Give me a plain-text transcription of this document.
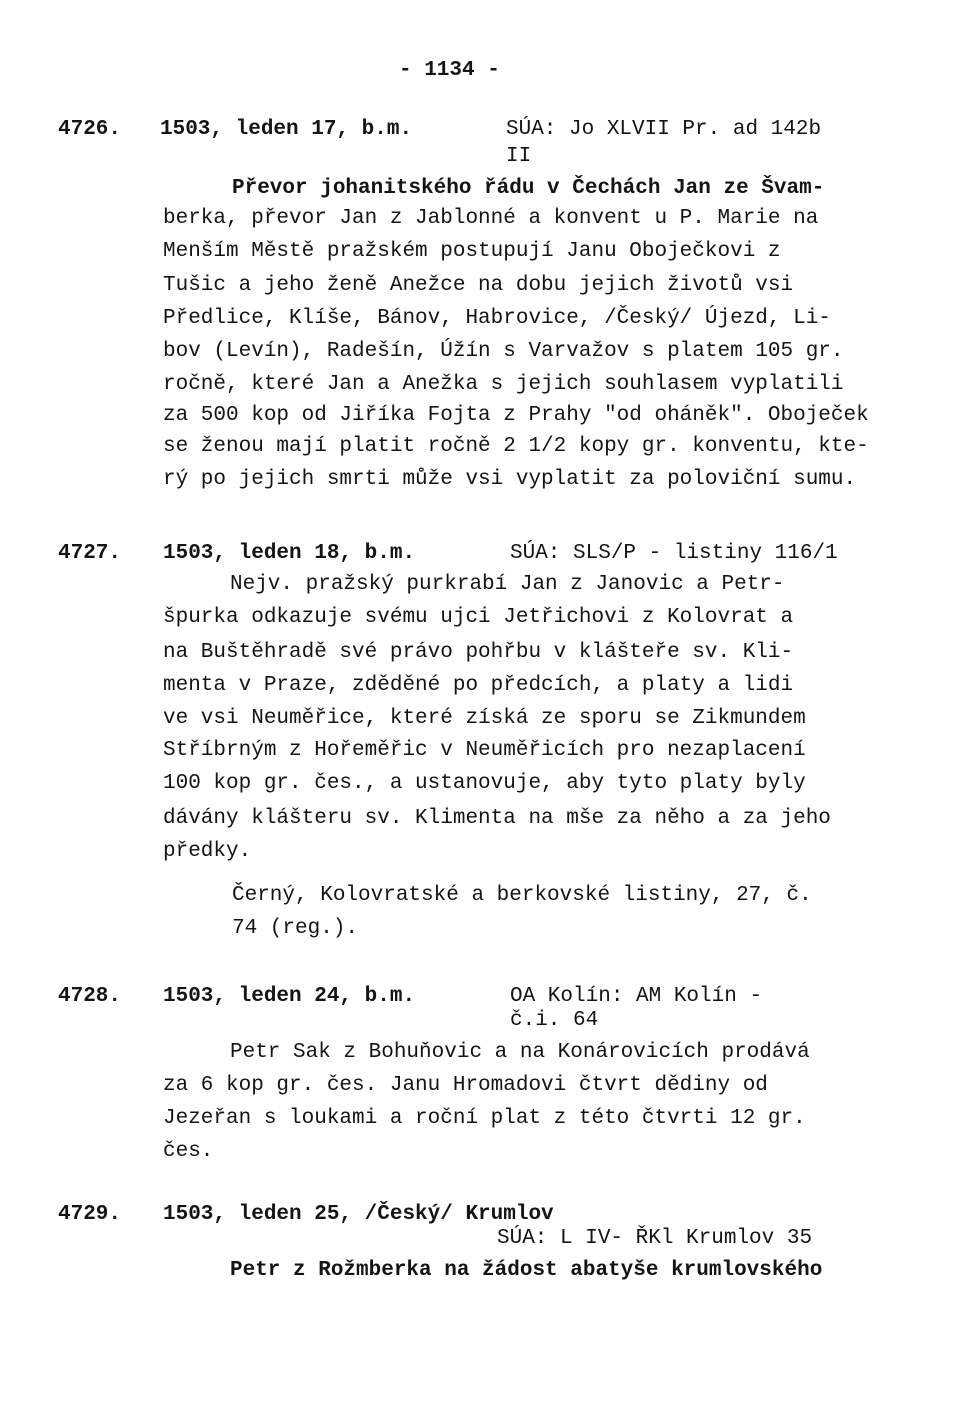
- 1134 -
4726. 1503, leden 17, b.m.	SÚA: Jo XLVII Pr. ad 142b
II
Převor johanitského řádu v Čechách Jan ze Švam-
berka, převor Jan z Jablonné a konvent u P. Marie na
Menším Městě pražském postupují Janu Oboječkovi z
Tušic a jeho ženě Anežce na dobu jejich životů vsi
Předlice, Klíše, Bánov, Habrovice, /Český/ Újezd, Li-
bov (Levín), Radešín, Úžín s Varvažov s platem 105 gr.
ročně, které Jan a Anežka s jejich souhlasem vyplatili
za 500 kop od Jiříka Fojta z Prahy "od oháněk". Oboječek
se ženou mají platit ročně 2 1/2 kopy gr. konventu, kte-
rý po jejich smrti může vsi vyplatit za poloviční sumu.
4727. 1503, leden 18, b.m.	SÚA: SLS/P - listiny 116/1
Nejv. pražský purkrabí Jan z Janovic a Petr-
špurka odkazuje svému ujci Jetřichovi z Kolovrat a
na Buštěhradě své právo pohřbu v klášteře sv. Kli-
menta v Praze, zděděné po předcích, a platy a lidi
ve vsi Neuměřice, které získá ze sporu se Zikmundem
Stříbrným z Hořeměřic v Neuměřicích pro nezaplacení
100 kop gr. čes., a ustanovuje, aby tyto platy byly
dávány klášteru sv. Klimenta na mše za něho a za jeho
předky.
Černý, Kolovratské a berkovské listiny, 27, č.
74 (reg.).
4728. 1503, leden 24, b.m.	OA Kolín: AM Kolín -
č.i. 64
Petr Sak z Bohuňovic a na Konárovicích prodává
za 6 kop gr. čes. Janu Hromadovi čtvrt dědiny od
Jezeřan s loukami a roční plat z této čtvrti 12 gr.
čes.
4729. 1503, leden 25, /Český/ Krumlov
SÚA: L IV- ŘKl Krumlov 35
Petr z Rožmberka na žádost abatyše krumlovského
